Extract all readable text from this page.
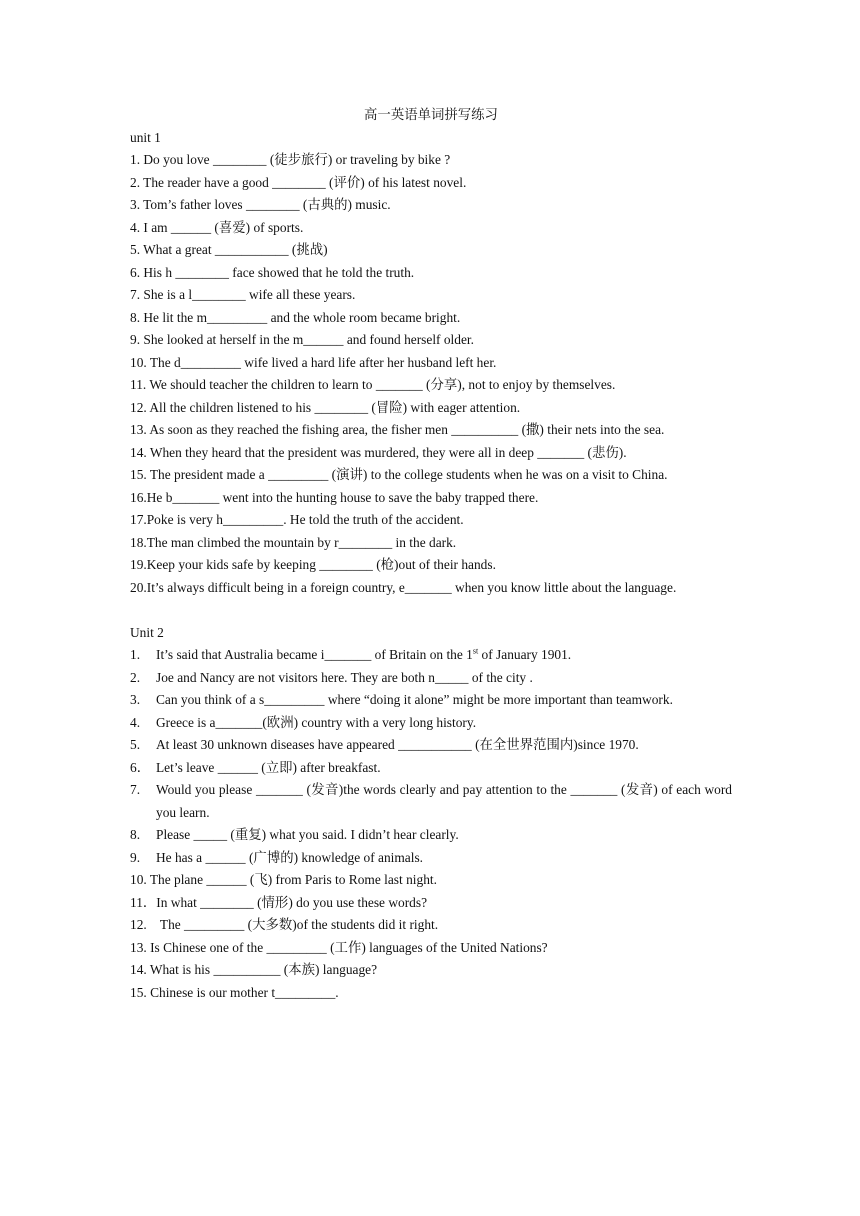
高一英语单词拼写练习

unit 1

1. Do you love ________ (徒步旅行) or traveling by bike ?

2. The reader have a good ________ (评价) of his latest novel.

3. Tom’s father loves ________ (古典的) music.

4. I am ______ (喜爱) of sports.

5. What a great ___________ (挑战)

6. His h ________ face showed that he told the truth.

7. She is a l________ wife all these years.

8. He lit the m_________ and the whole room became bright.

9. She looked at herself in the m______ and found herself older.

10. The d_________ wife lived a hard life after her husband left her.

11. We should teacher the children to learn to _______ (分享), not to enjoy by themselves.

12. All the children listened to his ________ (冒险) with eager attention.

13. As soon as they reached the fishing area, the fisher men __________ (撒) their nets into the sea.

14. When they heard that the president was murdered, they were all in deep _______ (悲伤).

15. The president made a _________ (演讲) to the college students when he was on a visit to China.

16.He b_______ went into the hunting house to save the baby trapped there.

17.Poke is very h_________. He told the truth of the accident.

18.The man climbed the mountain by r________ in the dark.

19.Keep your kids safe by keeping ________ (枪)out of their hands.

20.It’s always difficult being in a foreign country, e_______ when you know little about the language.

Unit 2

1.	It’s said that Australia became i_______ of Britain on the 1st of January 1901.
2.	Joe and Nancy are not visitors here. They are both n_____ of the city .
3.	Can you think of a s_________ where “doing it alone” might be more important than teamwork.
4.	Greece is a_______(欧洲) country with a very long history.
5.	At least 30 unknown diseases have appeared ___________ (在全世界范围内)since 1970.
6． Let’s leave ______ (立即) after breakfast.
7.	Would you please _______ (发音)the words clearly and pay attention to the _______ (发音) of each word you learn.
8.	Please _____ (重复) what you said. I didn’t hear clearly.
9.	He has a ______ (广博的) knowledge of animals.

10. The plane ______ (飞) from Paris to Rome last night.

11．In what ________ (情形) do you use these words?

12.    The _________ (大多数)of the students did it right.

13. Is Chinese one of the _________ (工作) languages of the United Nations?

14. What is his __________ (本族) language?

15. Chinese is our mother t_________.
